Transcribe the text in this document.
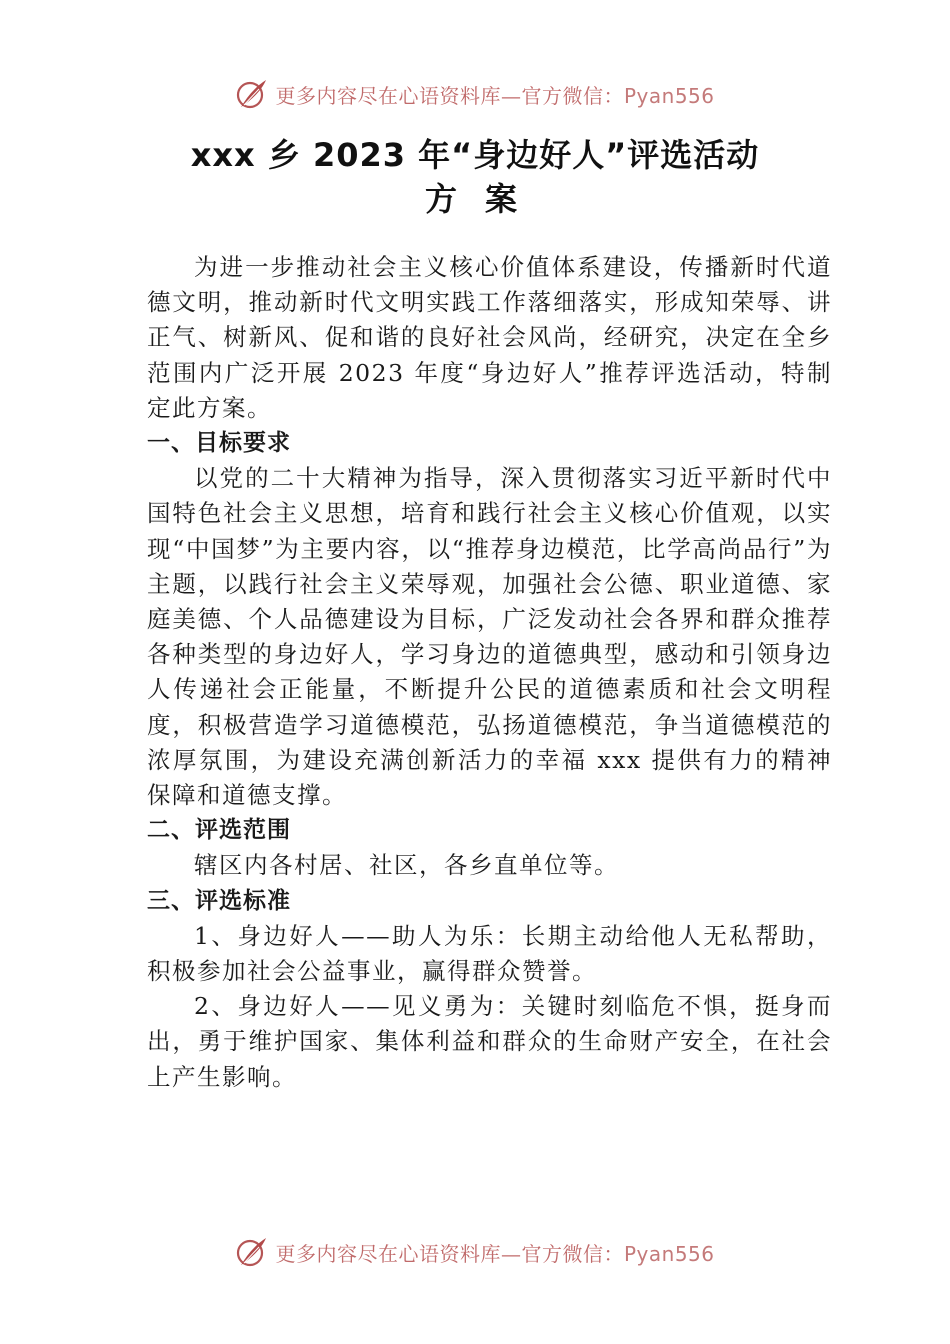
更多内容尽在心语资料库—官方微信：Pyan556
xxx 乡 2023 年“身边好人”评选活动
方案

为进一步推动社会主义核心价值体系建设，传播新时代道德文明，推动新时代文明实践工作落细落实，形成知荣辱、讲正气、树新风、促和谐的良好社会风尚，经研究，决定在全乡范围内广泛开展 2023 年度“身边好人”推荐评选活动，特制定此方案。

一、目标要求

以党的二十大精神为指导，深入贯彻落实习近平新时代中国特色社会主义思想，培育和践行社会主义核心价值观，以实现“中国梦”为主要内容，以“推荐身边模范，比学高尚品行”为主题，以践行社会主义荣辱观，加强社会公德、职业道德、家庭美德、个人品德建设为目标，广泛发动社会各界和群众推荐各种类型的身边好人，学习身边的道德典型，感动和引领身边人传递社会正能量，不断提升公民的道德素质和社会文明程度，积极营造学习道德模范，弘扬道德模范，争当道德模范的浓厚氛围，为建设充满创新活力的幸福 xxx 提供有力的精神保障和道德支撑。

二、评选范围

辖区内各村居、社区，各乡直单位等。

三、评选标准

1、身边好人——助人为乐：长期主动给他人无私帮助，积极参加社会公益事业，赢得群众赞誉。

2、身边好人——见义勇为：关键时刻临危不惧，挺身而出，勇于维护国家、集体利益和群众的生命财产安全，在社会上产生影响。

更多内容尽在心语资料库—官方微信：Pyan556
